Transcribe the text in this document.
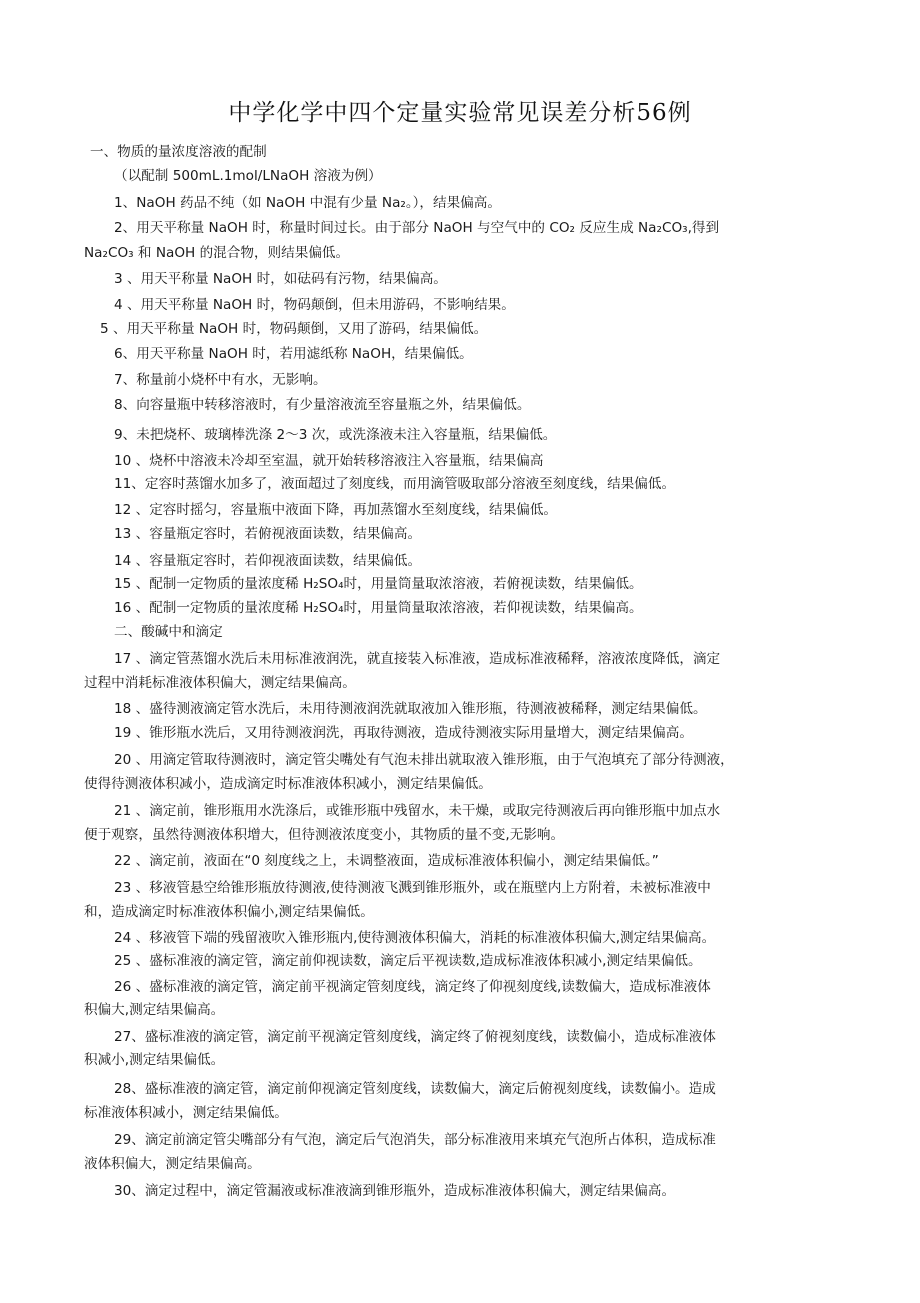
中学化学中四个定量实验常见误差分析56例
一、物质的量浓度溶液的配制
（以配制 500mL.1mol/LNaOH 溶液为例）
1、NaOH 药品不纯（如 NaOH 中混有少量 Na₂。），结果偏高。
2、用天平称量 NaOH 时，称量时间过长。由于部分 NaOH 与空气中的 CO₂ 反应生成 Na₂CO₃,得到
Na₂CO₃ 和 NaOH 的混合物，则结果偏低。
3 、用天平称量 NaOH 时，如砝码有污物，结果偏高。
4 、用天平称量 NaOH 时，物码颠倒，但未用游码，不影响结果。
5 、用天平称量 NaOH 时，物码颠倒，又用了游码，结果偏低。
6、用天平称量 NaOH 时，若用滤纸称 NaOH，结果偏低。
7、称量前小烧杯中有水，无影响。
8、向容量瓶中转移溶液时，有少量溶液流至容量瓶之外，结果偏低。
9、未把烧杯、玻璃棒洗涤 2〜3 次，或洗涤液未注入容量瓶，结果偏低。
10 、烧杯中溶液未冷却至室温，就开始转移溶液注入容量瓶，结果偏高
11、定容时蒸馏水加多了，液面超过了刻度线，而用滴管吸取部分溶液至刻度线，结果偏低。
12 、定容时摇匀，容量瓶中液面下降，再加蒸馏水至刻度线，结果偏低。
13 、容量瓶定容时，若俯视液面读数，结果偏高。
14 、容量瓶定容时，若仰视液面读数，结果偏低。
15 、配制一定物质的量浓度稀 H₂SO₄时，用量筒量取浓溶液，若俯视读数，结果偏低。
16 、配制一定物质的量浓度稀 H₂SO₄时，用量筒量取浓溶液，若仰视读数，结果偏高。
二、酸碱中和滴定
17 、滴定管蒸馏水洗后未用标准液润洗，就直接装入标准液，造成标准液稀释，溶液浓度降低，滴定
过程中消耗标准液体积偏大，测定结果偏高。
18 、盛待测液滴定管水洗后，未用待测液润洗就取液加入锥形瓶，待测液被稀释，测定结果偏低。
19 、锥形瓶水洗后，又用待测液润洗，再取待测液，造成待测液实际用量增大，测定结果偏高。
20 、用滴定管取待测液时，滴定管尖嘴处有气泡未排出就取液入锥形瓶，由于气泡填充了部分待测液，
使得待测液体积减小，造成滴定时标准液体积减小，测定结果偏低。
21 、滴定前，锥形瓶用水洗涤后，或锥形瓶中残留水，未干燥，或取完待测液后再向锥形瓶中加点水
便于观察，虽然待测液体积增大，但待测液浓度变小，其物质的量不变,无影响。
22 、滴定前，液面在“0 刻度线之上，未调整液面，造成标准液体积偏小，测定结果偏低。”
23 、移液管悬空给锥形瓶放待测液,使待测液飞溅到锥形瓶外，或在瓶壁内上方附着，未被标准液中
和，造成滴定时标准液体积偏小,测定结果偏低。
24 、移液管下端的残留液吹入锥形瓶内,使待测液体积偏大，消耗的标准液体积偏大,测定结果偏高。
25 、盛标准液的滴定管，滴定前仰视读数，滴定后平视读数,造成标准液体积减小,测定结果偏低。
26 、盛标准液的滴定管，滴定前平视滴定管刻度线，滴定终了仰视刻度线,读数偏大，造成标准液体
积偏大,测定结果偏高。
27、盛标准液的滴定管，滴定前平视滴定管刻度线，滴定终了俯视刻度线，读数偏小，造成标准液体
积减小,测定结果偏低。
28、盛标准液的滴定管，滴定前仰视滴定管刻度线，读数偏大，滴定后俯视刻度线，读数偏小。造成
标准液体积减小，测定结果偏低。
29、滴定前滴定管尖嘴部分有气泡，滴定后气泡消失，部分标准液用来填充气泡所占体积，造成标准
液体积偏大，测定结果偏高。
30、滴定过程中，滴定管漏液或标准液滴到锥形瓶外，造成标准液体积偏大，测定结果偏高。
